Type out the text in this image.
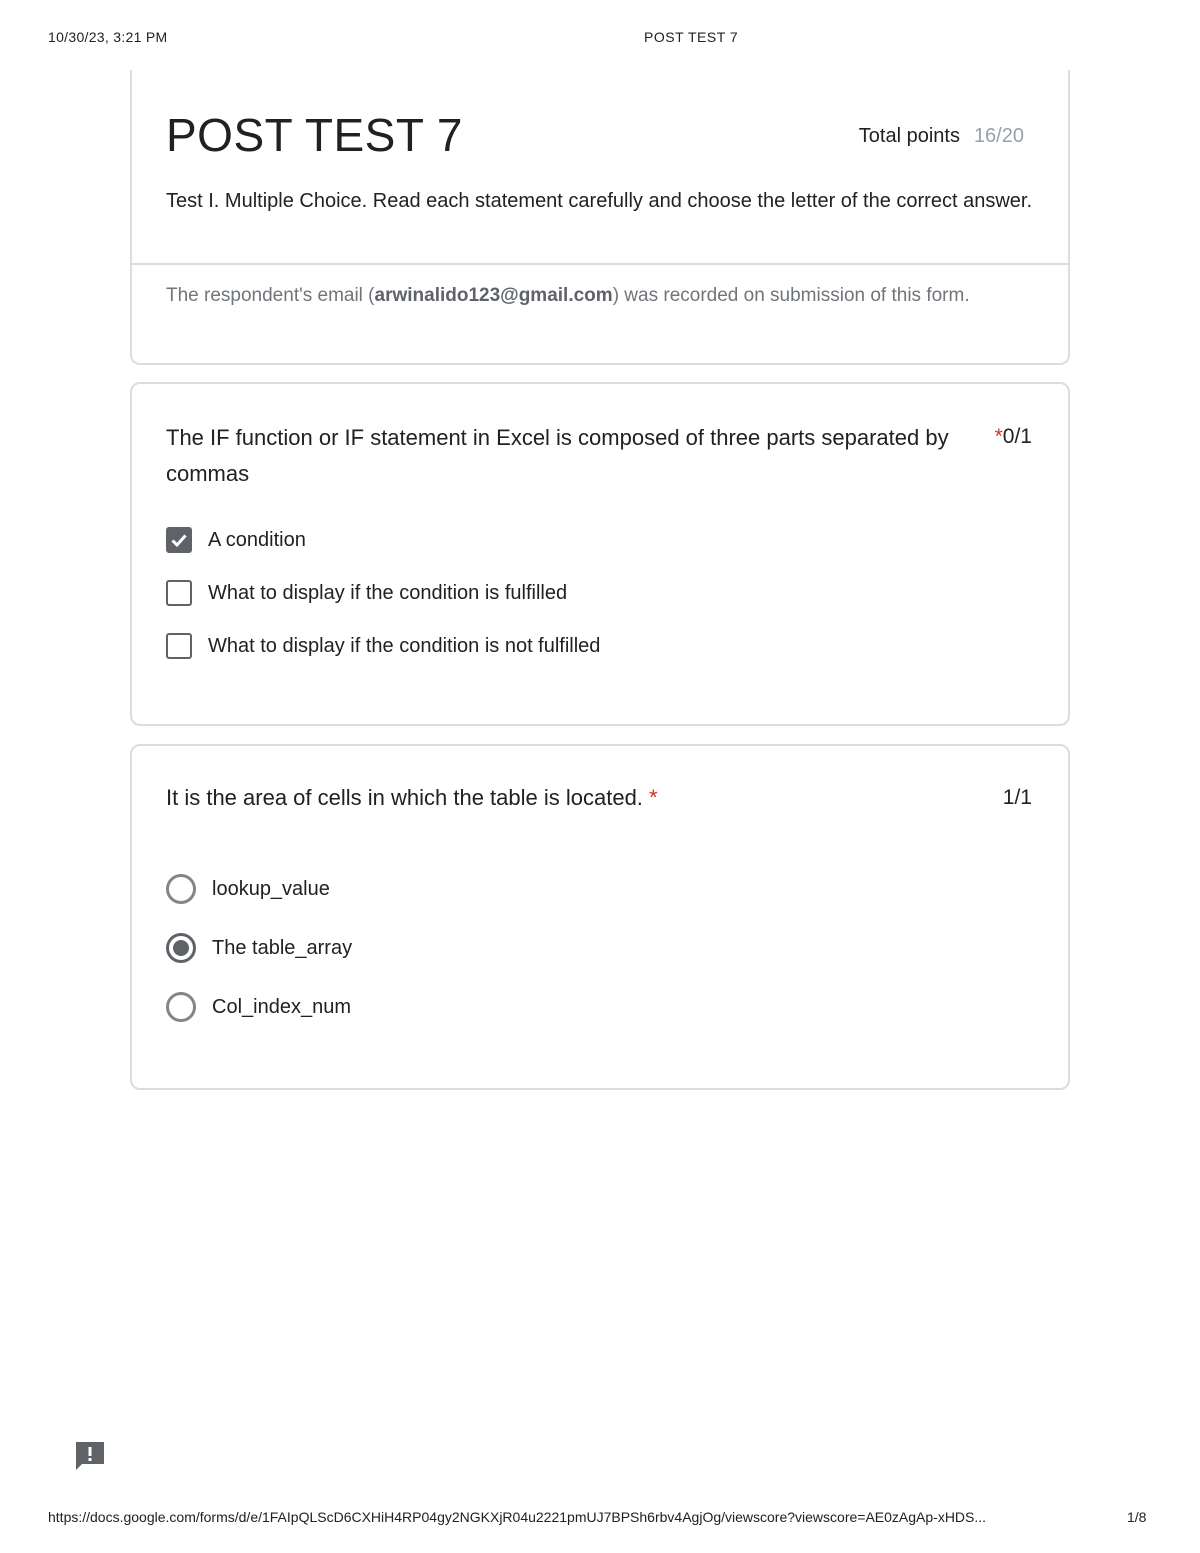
10/30/23, 3:21 PM	POST TEST 7
POST TEST 7	Total points 16/20
Test I. Multiple Choice. Read each statement carefully and choose the letter of the correct answer.
The respondent's email (arwinalido123@gmail.com) was recorded on submission of this form.
The IF function or IF statement in Excel is composed of three parts separated by commas
*0/1
A condition
What to display if the condition is fulfilled
What to display if the condition is not fulfilled
It is the area of cells in which the table is located. *	1/1
lookup_value
The table_array
Col_index_num
https://docs.google.com/forms/d/e/1FAIpQLScD6CXHiH4RP04gy2NGKXjR04u2221pmUJ7BPSh6rbv4AgjOg/viewscore?viewscore=AE0zAgAp-xHDS...	1/8
